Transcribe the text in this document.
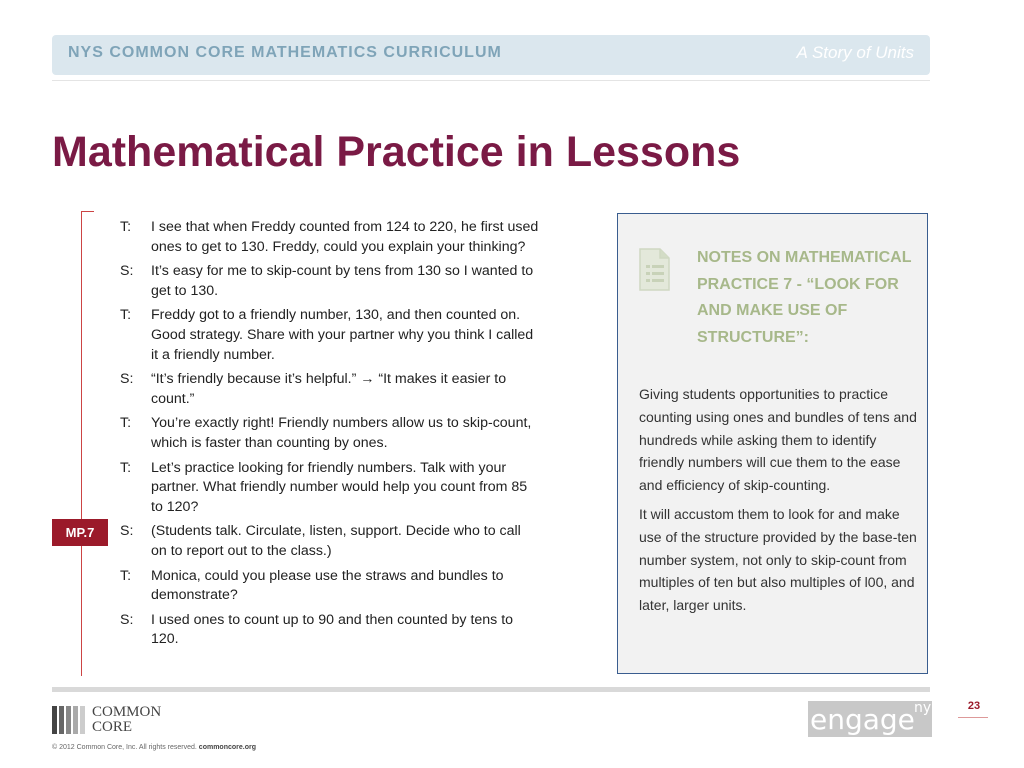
NYS COMMON CORE MATHEMATICS CURRICULUM	A Story of Units
Mathematical Practice in Lessons
MP.7
T:	I see that when Freddy counted from 124 to 220, he first used ones to get to 130. Freddy, could you explain your thinking?
S:	It’s easy for me to skip-count by tens from 130 so I wanted to get to 130.
T:	Freddy got to a friendly number, 130, and then counted on. Good strategy. Share with your partner why you think I called it a friendly number.
S:	“It’s friendly because it’s helpful.” → “It makes it easier to count.”
T:	You’re exactly right! Friendly numbers allow us to skip-count, which is faster than counting by ones.
T:	Let’s practice looking for friendly numbers. Talk with your partner. What friendly number would help you count from 85 to 120?
S:	(Students talk. Circulate, listen, support. Decide who to call on to report out to the class.)
T:	Monica, could you please use the straws and bundles to demonstrate?
S:	I used ones to count up to 90 and then counted by tens to 120.
NOTES ON MATHEMATICAL PRACTICE 7 - “LOOK FOR AND MAKE USE OF STRUCTURE”:

Giving students opportunities to practice counting using ones and bundles of tens and hundreds while asking them to identify friendly numbers will cue them to the ease and efficiency of skip-counting.

It will accustom them to look for and make use of the structure provided by the base-ten number system, not only to skip-count from multiples of ten but also multiples of l00, and later, larger units.

COMMON
CORE
© 2012 Common Core, Inc. All rights reserved. commoncore.org
engage ny	23
